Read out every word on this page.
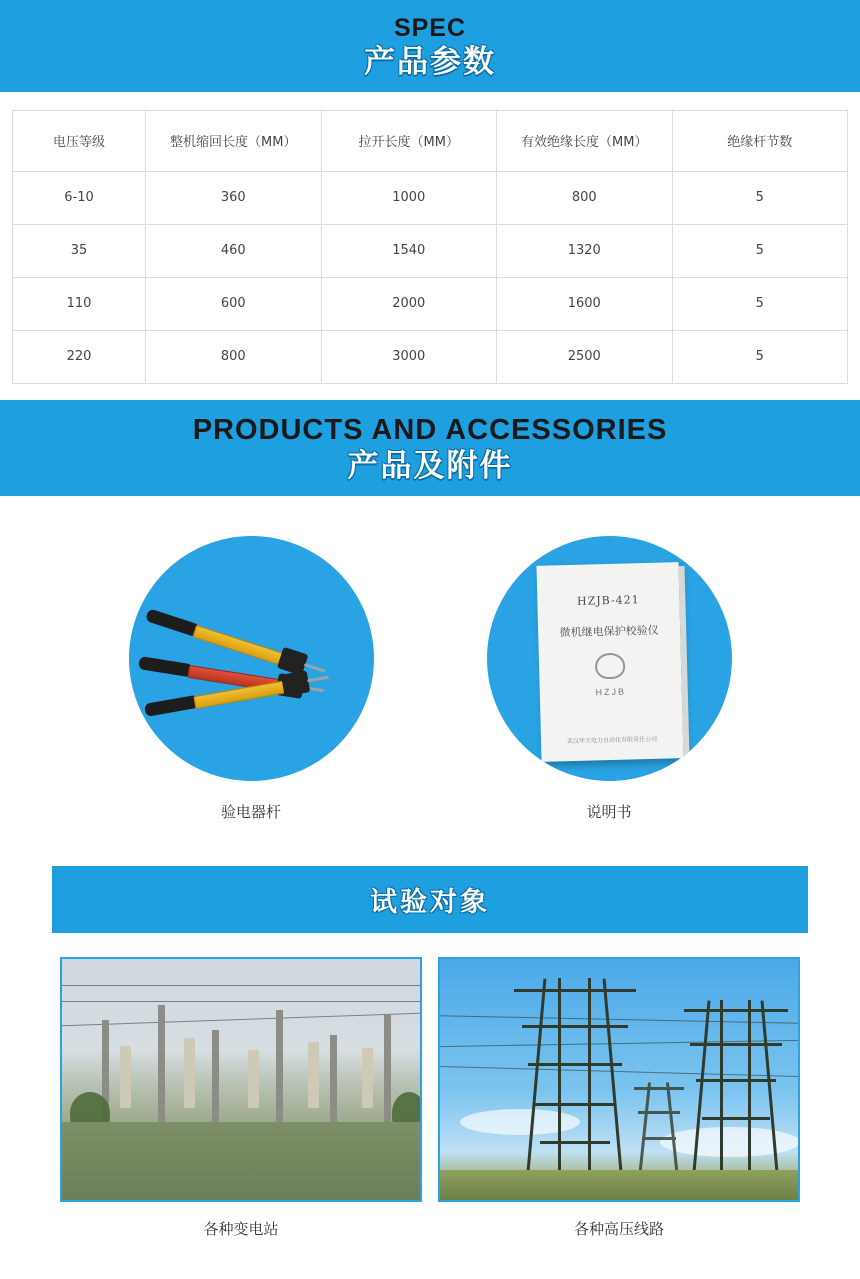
SPEC
产品参数
电压等级	整机缩回长度（MM）	拉开长度（MM）	有效绝缘长度（MM）	绝缘杆节数
6-10	360	1000	800	5
35	460	1540	1320	5
110	600	2000	1600	5
220	800	3000	2500	5
PRODUCTS AND ACCESSORIES
产品及附件
验电器杆
HZJB-421
微机继电保护校验仪
HZJB
武汉华天电力自动化有限责任公司
说明书
试验对象
各种变电站	各种高压线路
